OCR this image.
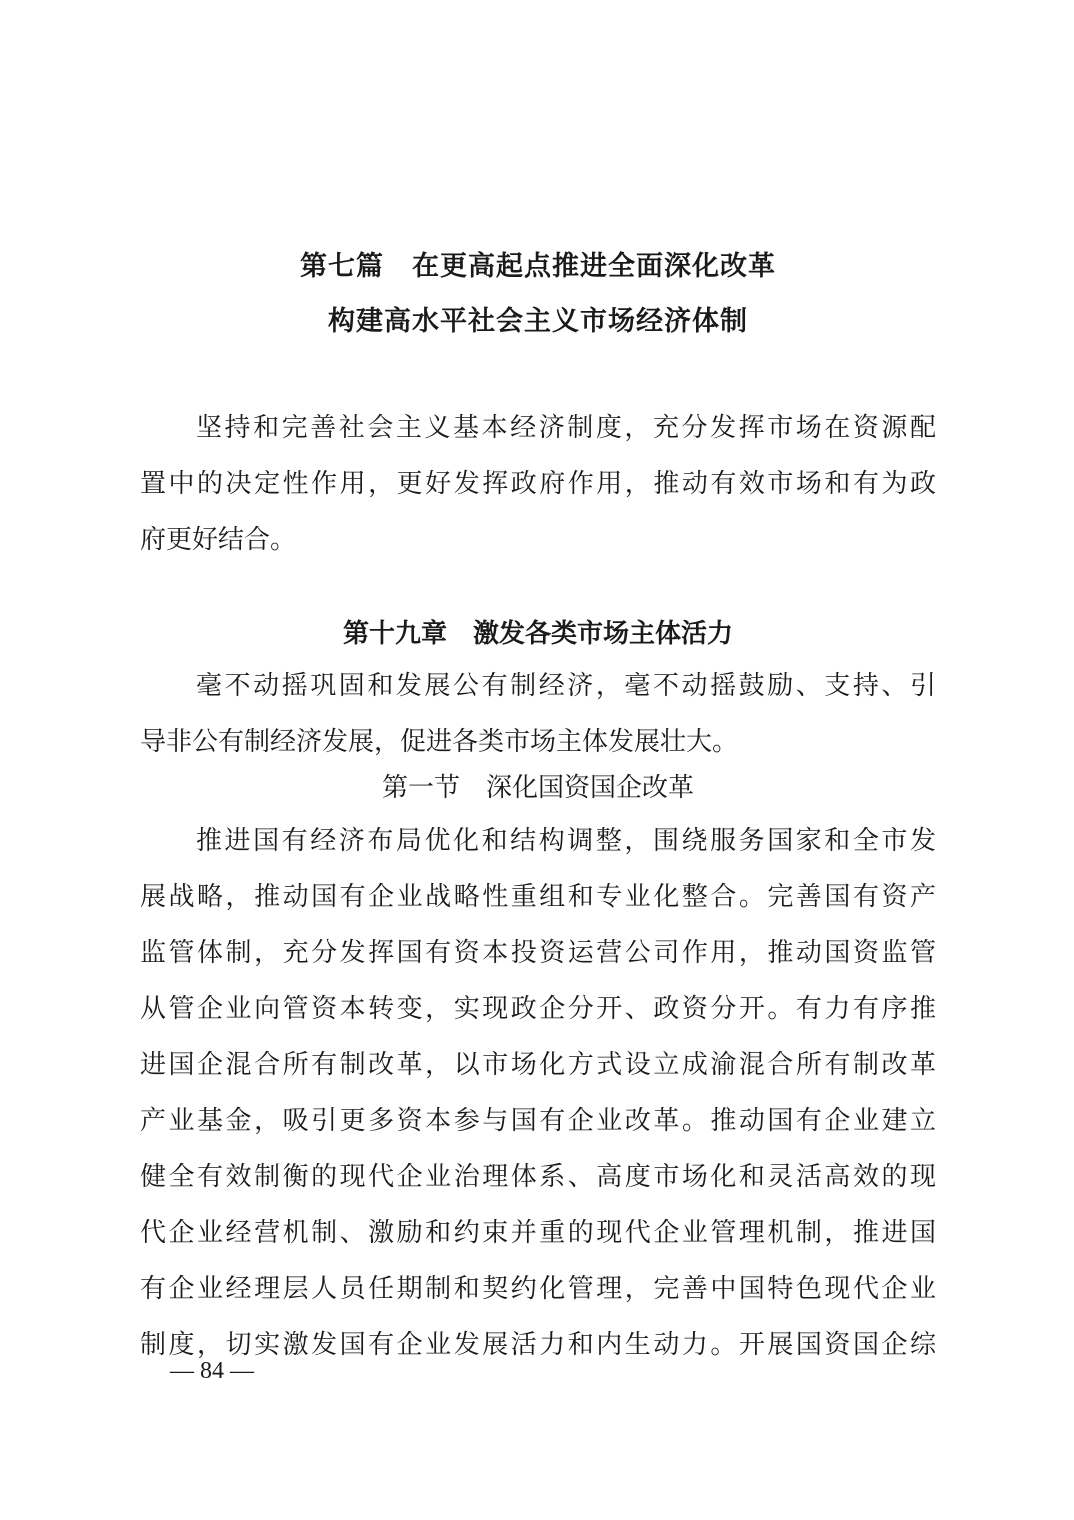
第七篇　在更高起点推进全面深化改革
构建高水平社会主义市场经济体制
坚持和完善社会主义基本经济制度，充分发挥市场在资源配
置中的决定性作用，更好发挥政府作用，推动有效市场和有为政
府更好结合。
第十九章　激发各类市场主体活力
毫不动摇巩固和发展公有制经济，毫不动摇鼓励、支持、引
导非公有制经济发展，促进各类市场主体发展壮大。
第一节　深化国资国企改革
推进国有经济布局优化和结构调整，围绕服务国家和全市发
展战略，推动国有企业战略性重组和专业化整合。完善国有资产
监管体制，充分发挥国有资本投资运营公司作用，推动国资监管
从管企业向管资本转变，实现政企分开、政资分开。有力有序推
进国企混合所有制改革，以市场化方式设立成渝混合所有制改革
产业基金，吸引更多资本参与国有企业改革。推动国有企业建立
健全有效制衡的现代企业治理体系、高度市场化和灵活高效的现
代企业经营机制、激励和约束并重的现代企业管理机制，推进国
有企业经理层人员任期制和契约化管理，完善中国特色现代企业
制度，切实激发国有企业发展活力和内生动力。开展国资国企综
— 84 —
